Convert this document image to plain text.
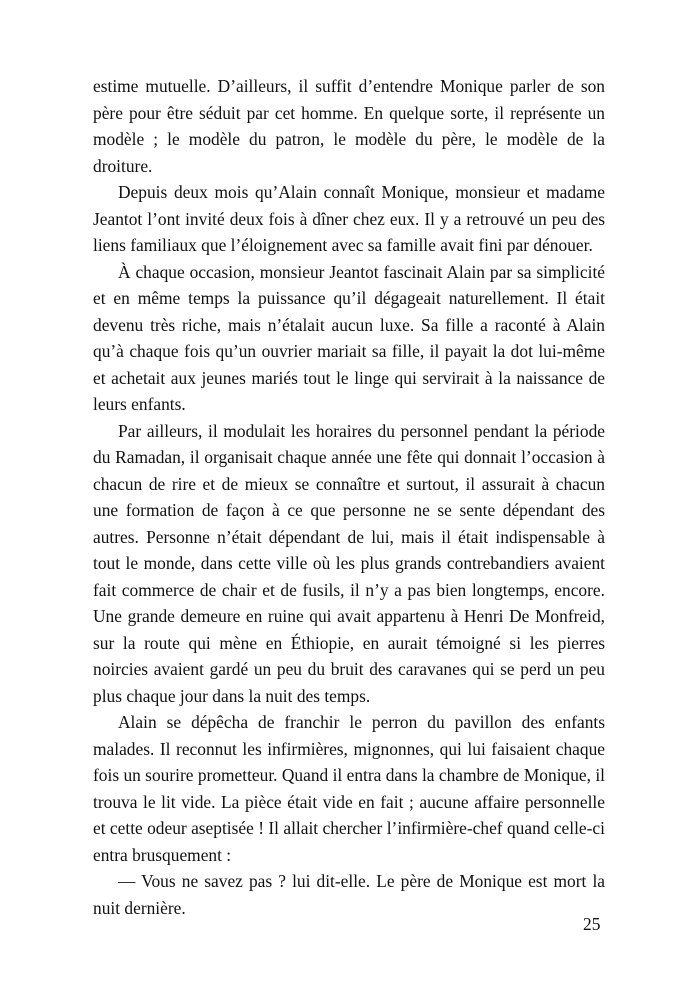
estime mutuelle. D’ailleurs, il suffit d’entendre Monique parler de son père pour être séduit par cet homme. En quelque sorte, il représente un modèle ; le modèle du patron, le modèle du père, le modèle de la droiture.

Depuis deux mois qu’Alain connaît Monique, monsieur et madame Jeantot l’ont invité deux fois à dîner chez eux. Il y a retrouvé un peu des liens familiaux que l’éloignement avec sa famille avait fini par dénouer.

À chaque occasion, monsieur Jeantot fascinait Alain par sa simplicité et en même temps la puissance qu’il dégageait naturellement. Il était devenu très riche, mais n’étalait aucun luxe. Sa fille a raconté à Alain qu’à chaque fois qu’un ouvrier mariait sa fille, il payait la dot lui-même et achetait aux jeunes mariés tout le linge qui servirait à la naissance de leurs enfants.

Par ailleurs, il modulait les horaires du personnel pendant la période du Ramadan, il organisait chaque année une fête qui donnait l’occasion à chacun de rire et de mieux se connaître et surtout, il assurait à chacun une formation de façon à ce que personne ne se sente dépendant des autres. Personne n’était dépendant de lui, mais il était indispensable à tout le monde, dans cette ville où les plus grands contrebandiers avaient fait commerce de chair et de fusils, il n’y a pas bien longtemps, encore. Une grande demeure en ruine qui avait appartenu à Henri De Monfreid, sur la route qui mène en Éthiopie, en aurait témoigné si les pierres noircies avaient gardé un peu du bruit des caravanes qui se perd un peu plus chaque jour dans la nuit des temps.

Alain se dépêcha de franchir le perron du pavillon des enfants malades. Il reconnut les infirmières, mignonnes, qui lui faisaient chaque fois un sourire prometteur. Quand il entra dans la chambre de Monique, il trouva le lit vide. La pièce était vide en fait ; aucune affaire personnelle et cette odeur aseptisée ! Il allait chercher l’infirmière-chef quand celle-ci entra brusquement :

— Vous ne savez pas ? lui dit-elle. Le père de Monique est mort la nuit dernière.

25
